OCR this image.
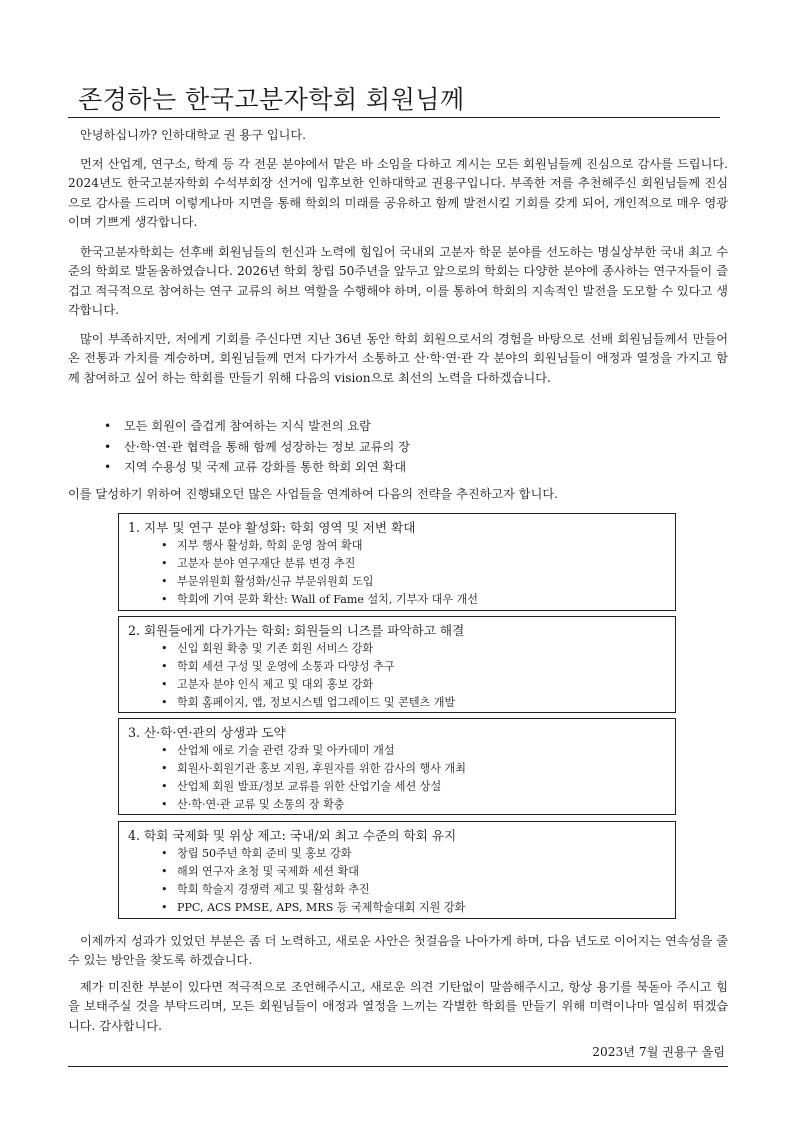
존경하는 한국고분자학회 회원님께
안녕하십니까? 인하대학교 권 용구 입니다.
먼저 산업계, 연구소, 학계 등 각 전문 분야에서 맡은 바 소임을 다하고 계시는 모든 회원님들께 진심으로 감사를 드립니다. 2024년도 한국고분자학회 수석부회장 선거에 입후보한 인하대학교 권용구입니다. 부족한 저를 추천해주신 회원님들께 진심으로 감사를 드리며 이렇게나마 지면을 통해 학회의 미래를 공유하고 함께 발전시킬 기회를 갖게 되어, 개인적으로 매우 영광이며 기쁘게 생각합니다.
한국고분자학회는 선후배 회원님들의 헌신과 노력에 힘입어 국내외 고분자 학문 분야를 선도하는 명실상부한 국내 최고 수준의 학회로 발돋움하였습니다. 2026년 학회 창립 50주년을 앞두고 앞으로의 학회는 다양한 분야에 종사하는 연구자들이 즐겁고 적극적으로 참여하는 연구 교류의 허브 역할을 수행해야 하며, 이를 통하여 학회의 지속적인 발전을 도모할 수 있다고 생각합니다.
많이 부족하지만, 저에게 기회를 주신다면 지난 36년 동안 학회 회원으로서의 경험을 바탕으로 선배 회원님들께서 만들어온 전통과 가치를 계승하며, 회원님들께 먼저 다가가서 소통하고 산·학·연·관 각 분야의 회원님들이 애정과 열정을 가지고 함께 참여하고 싶어 하는 학회를 만들기 위해 다음의 vision으로 최선의 노력을 다하겠습니다.
• 모든 회원이 즐겁게 참여하는 지식 발전의 요람
• 산·학·연·관 협력을 통해 함께 성장하는 정보 교류의 장
• 지역 수용성 및 국제 교류 강화를 통한 학회 외연 확대
이를 달성하기 위하여 진행돼오던 많은 사업들을 연계하여 다음의 전략을 추진하고자 합니다.
1. 지부 및 연구 분야 활성화: 학회 영역 및 저변 확대
• 지부 행사 활성화, 학회 운영 참여 확대
• 고분자 분야 연구재단 분류 변경 추진
• 부문위원회 활성화/신규 부문위원회 도입
• 학회에 기여 문화 확산: Wall of Fame 설치, 기부자 대우 개선
2. 회원들에게 다가가는 학회: 회원들의 니즈를 파악하고 해결
• 신입 회원 확충 및 기존 회원 서비스 강화
• 학회 세션 구성 및 운영에 소통과 다양성 추구
• 고분자 분야 인식 제고 및 대외 홍보 강화
• 학회 홈페이지, 앱, 정보시스템 업그레이드 및 콘텐츠 개발
3. 산·학·연·관의 상생과 도약
• 산업체 애로 기술 관련 강좌 및 아카데미 개설
• 회원사·회원기관 홍보 지원, 후원자를 위한 감사의 행사 개최
• 산업체 회원 발표/정보 교류를 위한 산업기술 세션 상설
• 산·학·연·관 교류 및 소통의 장 확충
4. 학회 국제화 및 위상 제고: 국내/외 최고 수준의 학회 유지
• 창립 50주년 학회 준비 및 홍보 강화
• 해외 연구자 초청 및 국제화 세션 확대
• 학회 학술지 경쟁력 제고 및 활성화 추진
• PPC, ACS PMSE, APS, MRS 등 국제학술대회 지원 강화
이제까지 성과가 있었던 부분은 좀 더 노력하고, 새로운 사안은 첫걸음을 나아가게 하며, 다음 년도로 이어지는 연속성을 줄 수 있는 방안을 찾도록 하겠습니다.
제가 미진한 부분이 있다면 적극적으로 조언해주시고, 새로운 의견 기탄없이 말씀해주시고, 항상 용기를 북돋아 주시고 힘을 보태주실 것을 부탁드리며, 모든 회원님들이 애정과 열정을 느끼는 각별한 학회를 만들기 위해 미력이나마 열심히 뛰겠습니다. 감사합니다.
2023년 7월 권용구 올림
